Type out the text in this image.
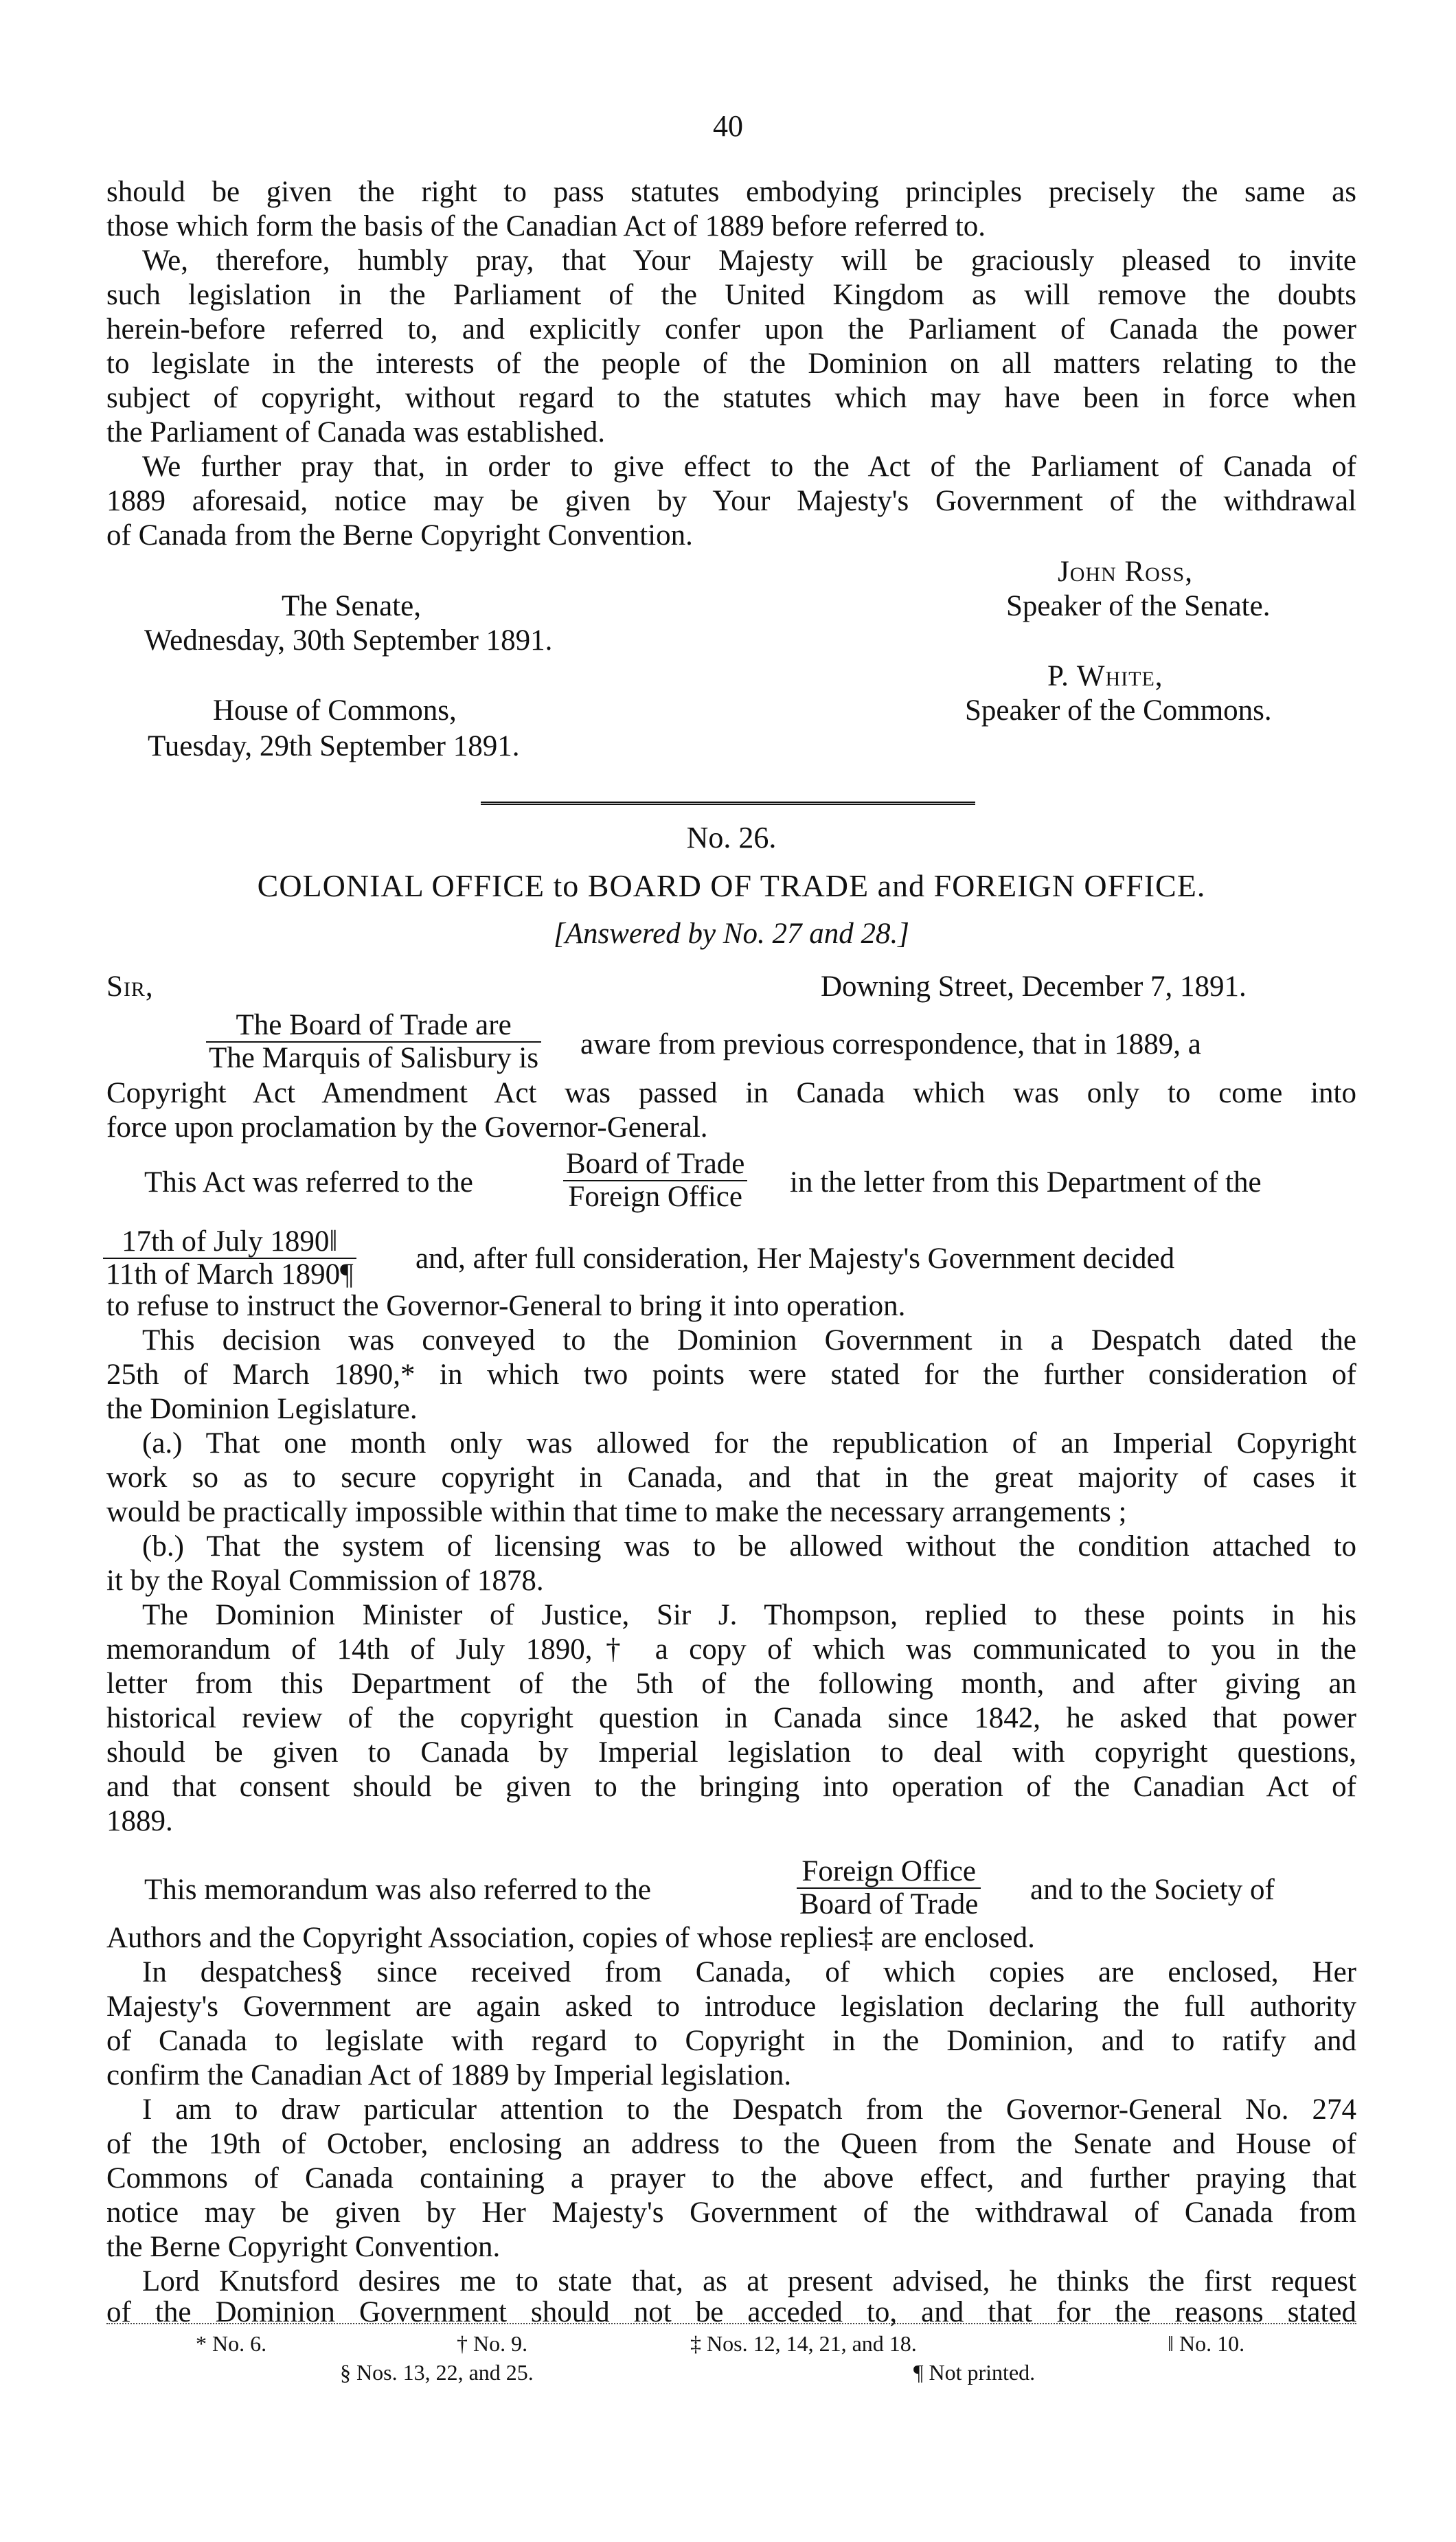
40
should be given the right to pass statutes embodying principles precisely the same as
those which form the basis of the Canadian Act of 1889 before referred to.
We, therefore, humbly pray, that Your Majesty will be graciously pleased to invite
such legislation in the Parliament of the United Kingdom as will remove the doubts
herein-before referred to, and explicitly confer upon the Parliament of Canada the power
to legislate in the interests of the people of the Dominion on all matters relating to the
subject of copyright, without regard to the statutes which may have been in force when
the Parliament of Canada was established.
We further pray that, in order to give effect to the Act of the Parliament of Canada of
1889 aforesaid, notice may be given by Your Majesty's Government of the withdrawal
of Canada from the Berne Copyright Convention.
John Ross,
The Senate,	Speaker of the Senate.
Wednesday, 30th September 1891.
P. White,
House of Commons,	Speaker of the Commons.
Tuesday, 29th September 1891.
No. 26.
COLONIAL OFFICE to BOARD OF TRADE and FOREIGN OFFICE.
[Answered by No. 27 and 28.]
Sir,	Downing Street, December 7, 1891.
The Board of Trade are
The Marquis of Salisbury is aware from previous correspondence, that in 1889, a
Copyright Act Amendment Act was passed in Canada which was only to come into
force upon proclamation by the Governor-General.
This Act was referred to the
Board of Trade
Foreign Office in the letter from this Department of the
17th of July 1890‖
11th of March 1890¶ and, after full consideration, Her Majesty's Government decided
to refuse to instruct the Governor-General to bring it into operation.
This decision was conveyed to the Dominion Government in a Despatch dated the
25th of March 1890,* in which two points were stated for the further consideration of
the Dominion Legislature.
(a.) That one month only was allowed for the republication of an Imperial Copyright
work so as to secure copyright in Canada, and that in the great majority of cases it
would be practically impossible within that time to make the necessary arrangements ;
(b.) That the system of licensing was to be allowed without the condition attached to
it by the Royal Commission of 1878.
The Dominion Minister of Justice, Sir J. Thompson, replied to these points in his
memorandum of 14th of July 1890,† a copy of which was communicated to you in the
letter from this Department of the 5th of the following month, and after giving an
historical review of the copyright question in Canada since 1842, he asked that power
should be given to Canada by Imperial legislation to deal with copyright questions,
and that consent should be given to the bringing into operation of the Canadian Act of
1889.
This memorandum was also referred to the
Foreign Office
Board of Trade and to the Society of
Authors and the Copyright Association, copies of whose replies‡ are enclosed.
In despatches§ since received from Canada, of which copies are enclosed, Her
Majesty's Government are again asked to introduce legislation declaring the full authority
of Canada to legislate with regard to Copyright in the Dominion, and to ratify and
confirm the Canadian Act of 1889 by Imperial legislation.
I am to draw particular attention to the Despatch from the Governor-General No. 274
of the 19th of October, enclosing an address to the Queen from the Senate and House of
Commons of Canada containing a prayer to the above effect, and further praying that
notice may be given by Her Majesty's Government of the withdrawal of Canada from
the Berne Copyright Convention.
Lord Knutsford desires me to state that, as at present advised, he thinks the first request
of the Dominion Government should not be acceded to, and that for the reasons stated
* No. 6.	† No. 9.	‡ Nos. 12, 14, 21, and 18.	‖ No. 10.
§ Nos. 13, 22, and 25.	¶ Not printed.
